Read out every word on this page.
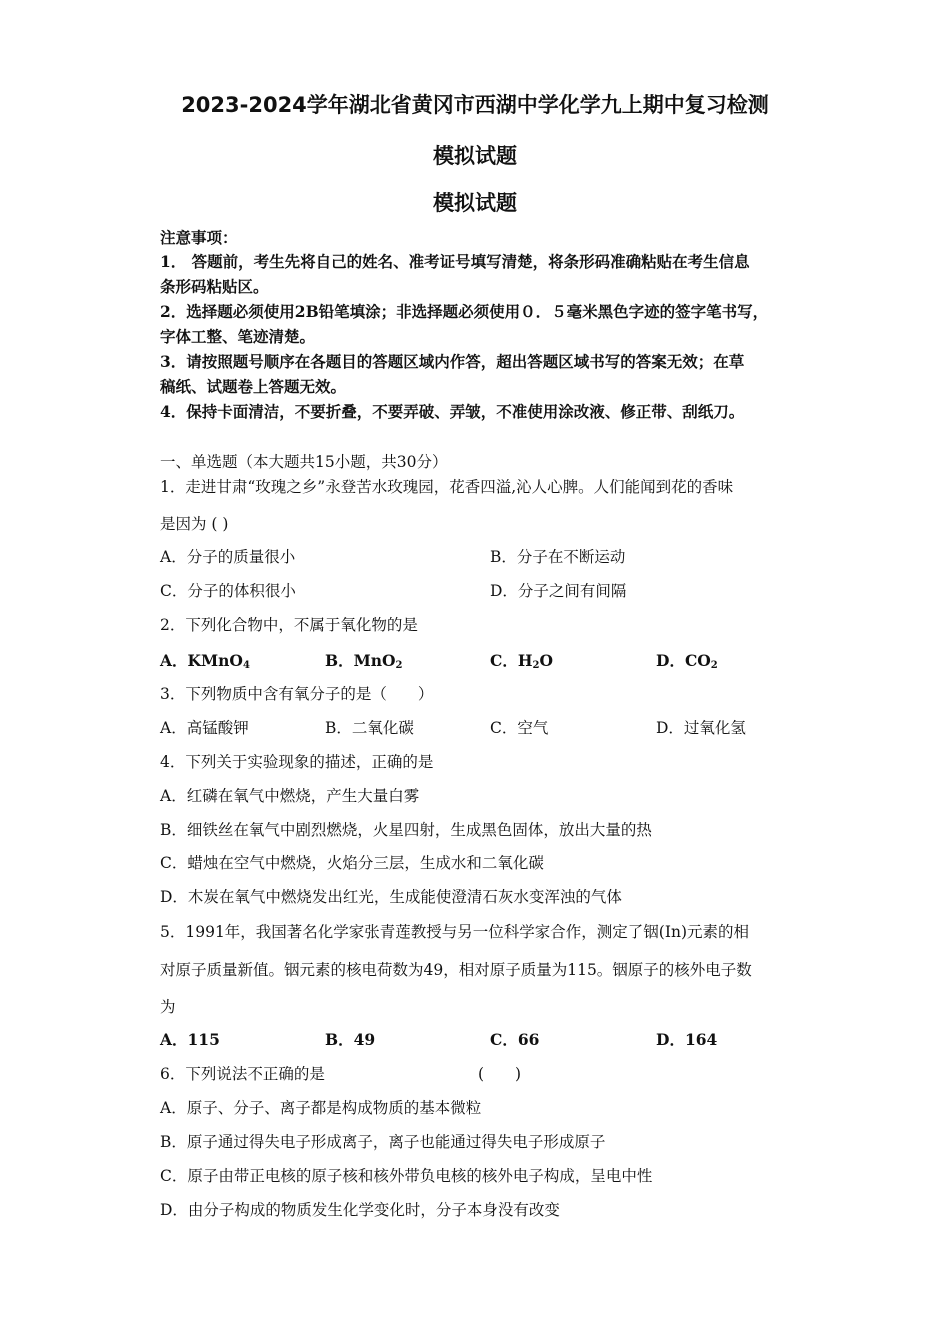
2023-2024学年湖北省黄冈市西湖中学化学九上期中复习检测
模拟试题
模拟试题
注意事项：
1． 答题前，考生先将自己的姓名、准考证号填写清楚，将条形码准确粘贴在考生信息
条形码粘贴区。
2．选择题必须使用2B铅笔填涂；非选择题必须使用０．５毫米黑色字迹的签字笔书写，
字体工整、笔迹清楚。
3．请按照题号顺序在各题目的答题区域内作答，超出答题区域书写的答案无效；在草
稿纸、试题卷上答题无效。
4．保持卡面清洁，不要折叠，不要弄破、弄皱，不准使用涂改液、修正带、刮纸刀。
一、单选题（本大题共15小题，共30分）
1．走进甘肃“玫瑰之乡”永登苦水玫瑰园，花香四溢,沁人心脾。人们能闻到花的香味
是因为 ( )
A．分子的质量很小	B．分子在不断运动
C．分子的体积很小	D．分子之间有间隔
2．下列化合物中，不属于氧化物的是
A．KMnO$_4$	B．MnO$_2$	C．$H_2O$	D．$CO_2$
3．下列物质中含有氧分子的是（　　）
A．高锰酸钾	B．二氧化碳	C．空气	D．过氧化氢
4．下列关于实验现象的描述，正确的是
A．红磷在氧气中燃烧，产生大量白雾
B．细铁丝在氧气中剧烈燃烧，火星四射，生成黑色固体，放出大量的热
C．蜡烛在空气中燃烧，火焰分三层，生成水和二氧化碳
D．木炭在氧气中燃烧发出红光，生成能使澄清石灰水变浑浊的气体
5．1991年，我国著名化学家张青莲教授与另一位科学家合作，测定了铟(In)元素的相
对原子质量新值。铟元素的核电荷数为49，相对原子质量为115。铟原子的核外电子数
为
A．115	B．49	C．66	D．164
6．下列说法不正确的是	(　　)
A．原子、分子、离子都是构成物质的基本微粒
B．原子通过得失电子形成离子，离子也能通过得失电子形成原子
C．原子由带正电核的原子核和核外带负电核的核外电子构成，呈电中性
D．由分子构成的物质发生化学变化时，分子本身没有改变
